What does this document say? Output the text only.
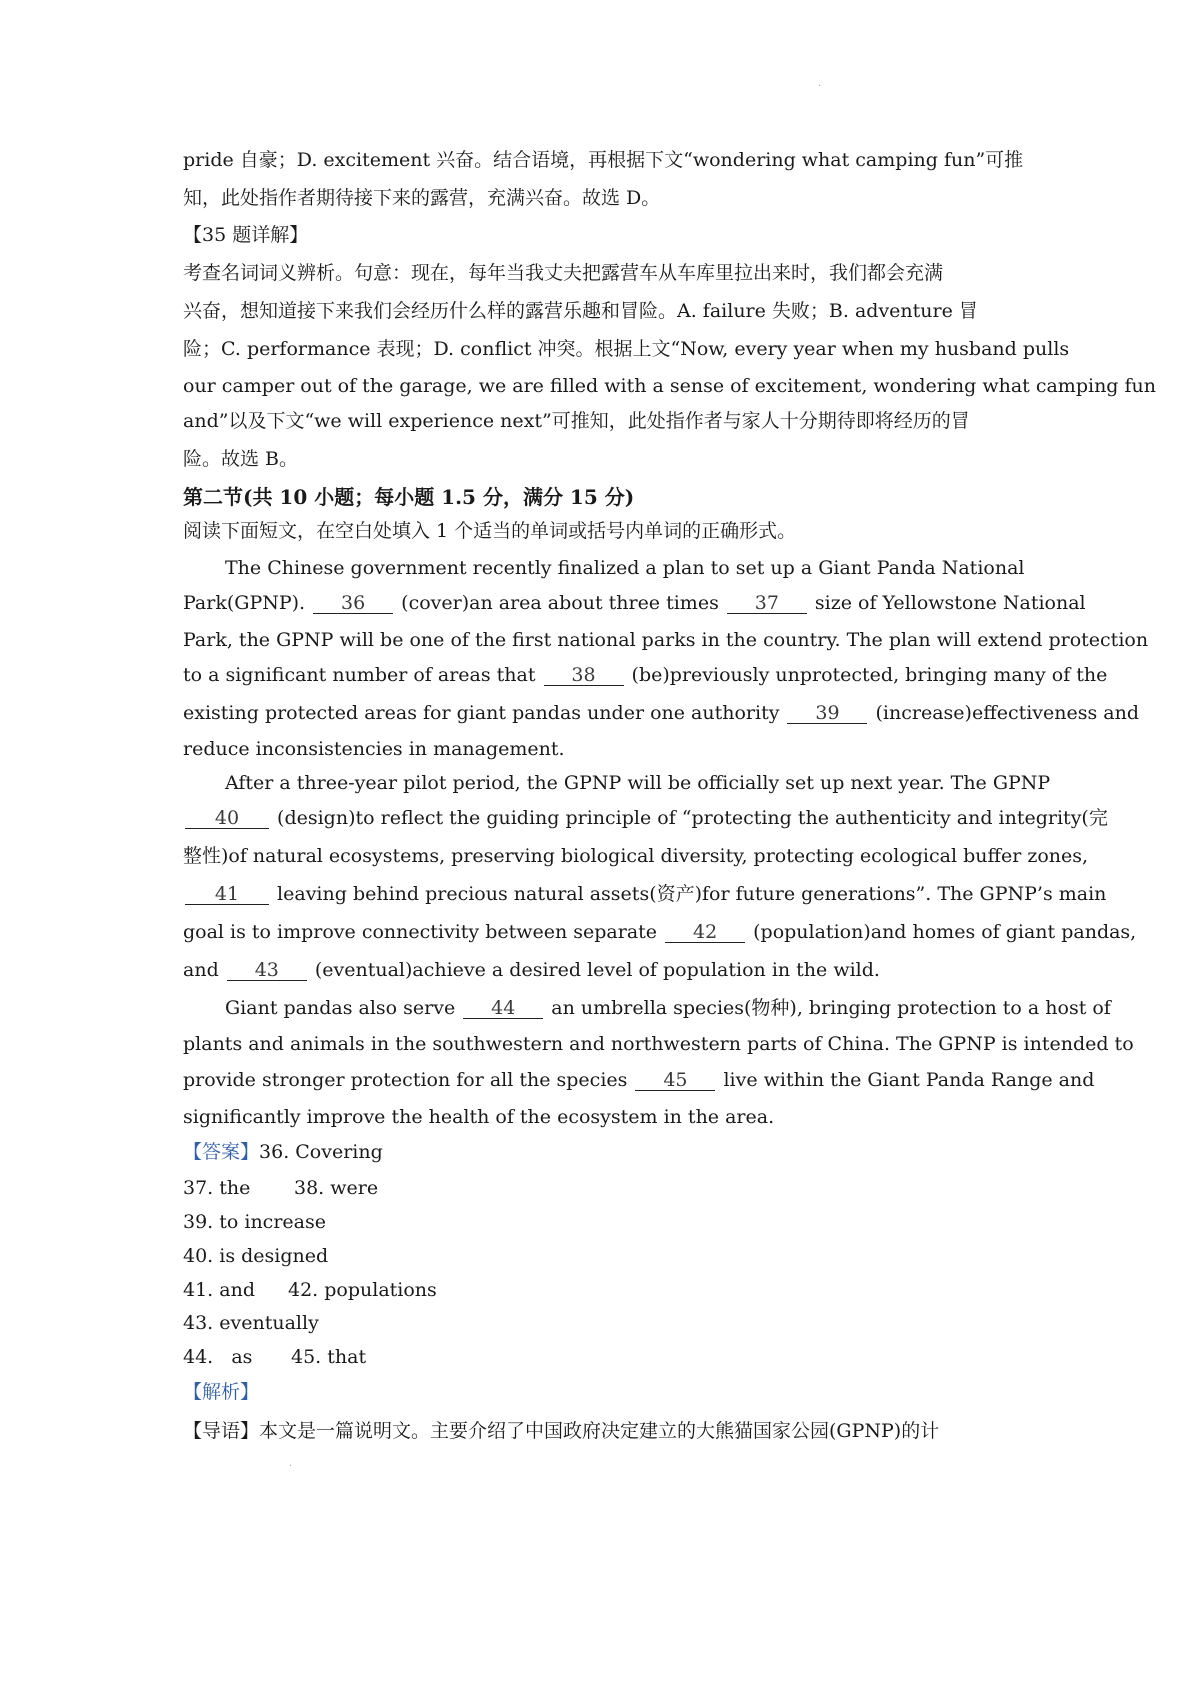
pride 自豪；D. excitement 兴奋。结合语境，再根据下文“wondering what camping fun”可推
知，此处指作者期待接下来的露营，充满兴奋。故选 D。
【35 题详解】
考查名词词义辨析。句意：现在，每年当我丈夫把露营车从车库里拉出来时，我们都会充满
兴奋，想知道接下来我们会经历什么样的露营乐趣和冒险。A. failure 失败；B. adventure 冒
险；C. performance 表现；D. conflict 冲突。根据上文“Now, every year when my husband pulls
our camper out of the garage, we are filled with a sense of excitement, wondering what camping fun
and”以及下文“we will experience next”可推知，此处指作者与家人十分期待即将经历的冒
险。故选 B。
第二节(共 10 小题；每小题 1.5 分，满分 15 分)
阅读下面短文，在空白处填入 1 个适当的单词或括号内单词的正确形式。
The Chinese government recently finalized a plan to set up a Giant Panda National
Park(GPNP). 36 (cover)an area about three times 37 size of Yellowstone National
Park, the GPNP will be one of the first national parks in the country. The plan will extend protection
to a significant number of areas that 38 (be)previously unprotected, bringing many of the
existing protected areas for giant pandas under one authority 39 (increase)effectiveness and
reduce inconsistencies in management.
After a three-year pilot period, the GPNP will be officially set up next year. The GPNP
40 (design)to reflect the guiding principle of “protecting the authenticity and integrity(完
整性)of natural ecosystems, preserving biological diversity, protecting ecological buffer zones,
41 leaving behind precious natural assets(资产)for future generations”. The GPNP’s main
goal is to improve connectivity between separate 42 (population)and homes of giant pandas,
and 43 (eventual)achieve a desired level of population in the wild.
Giant pandas also serve 44 an umbrella species(物种), bringing protection to a host of
plants and animals in the southwestern and northwestern parts of China. The GPNP is intended to
provide stronger protection for all the species 45 live within the Giant Panda Range and
significantly improve the health of the ecosystem in the area.
【答案】36. Covering
37. the 38. were
39. to increase
40. is designed
41. and 42. populations
43. eventually
44.   as 45. that
【解析】
【导语】本文是一篇说明文。主要介绍了中国政府决定建立的大熊猫国家公园(GPNP)的计
.
.
